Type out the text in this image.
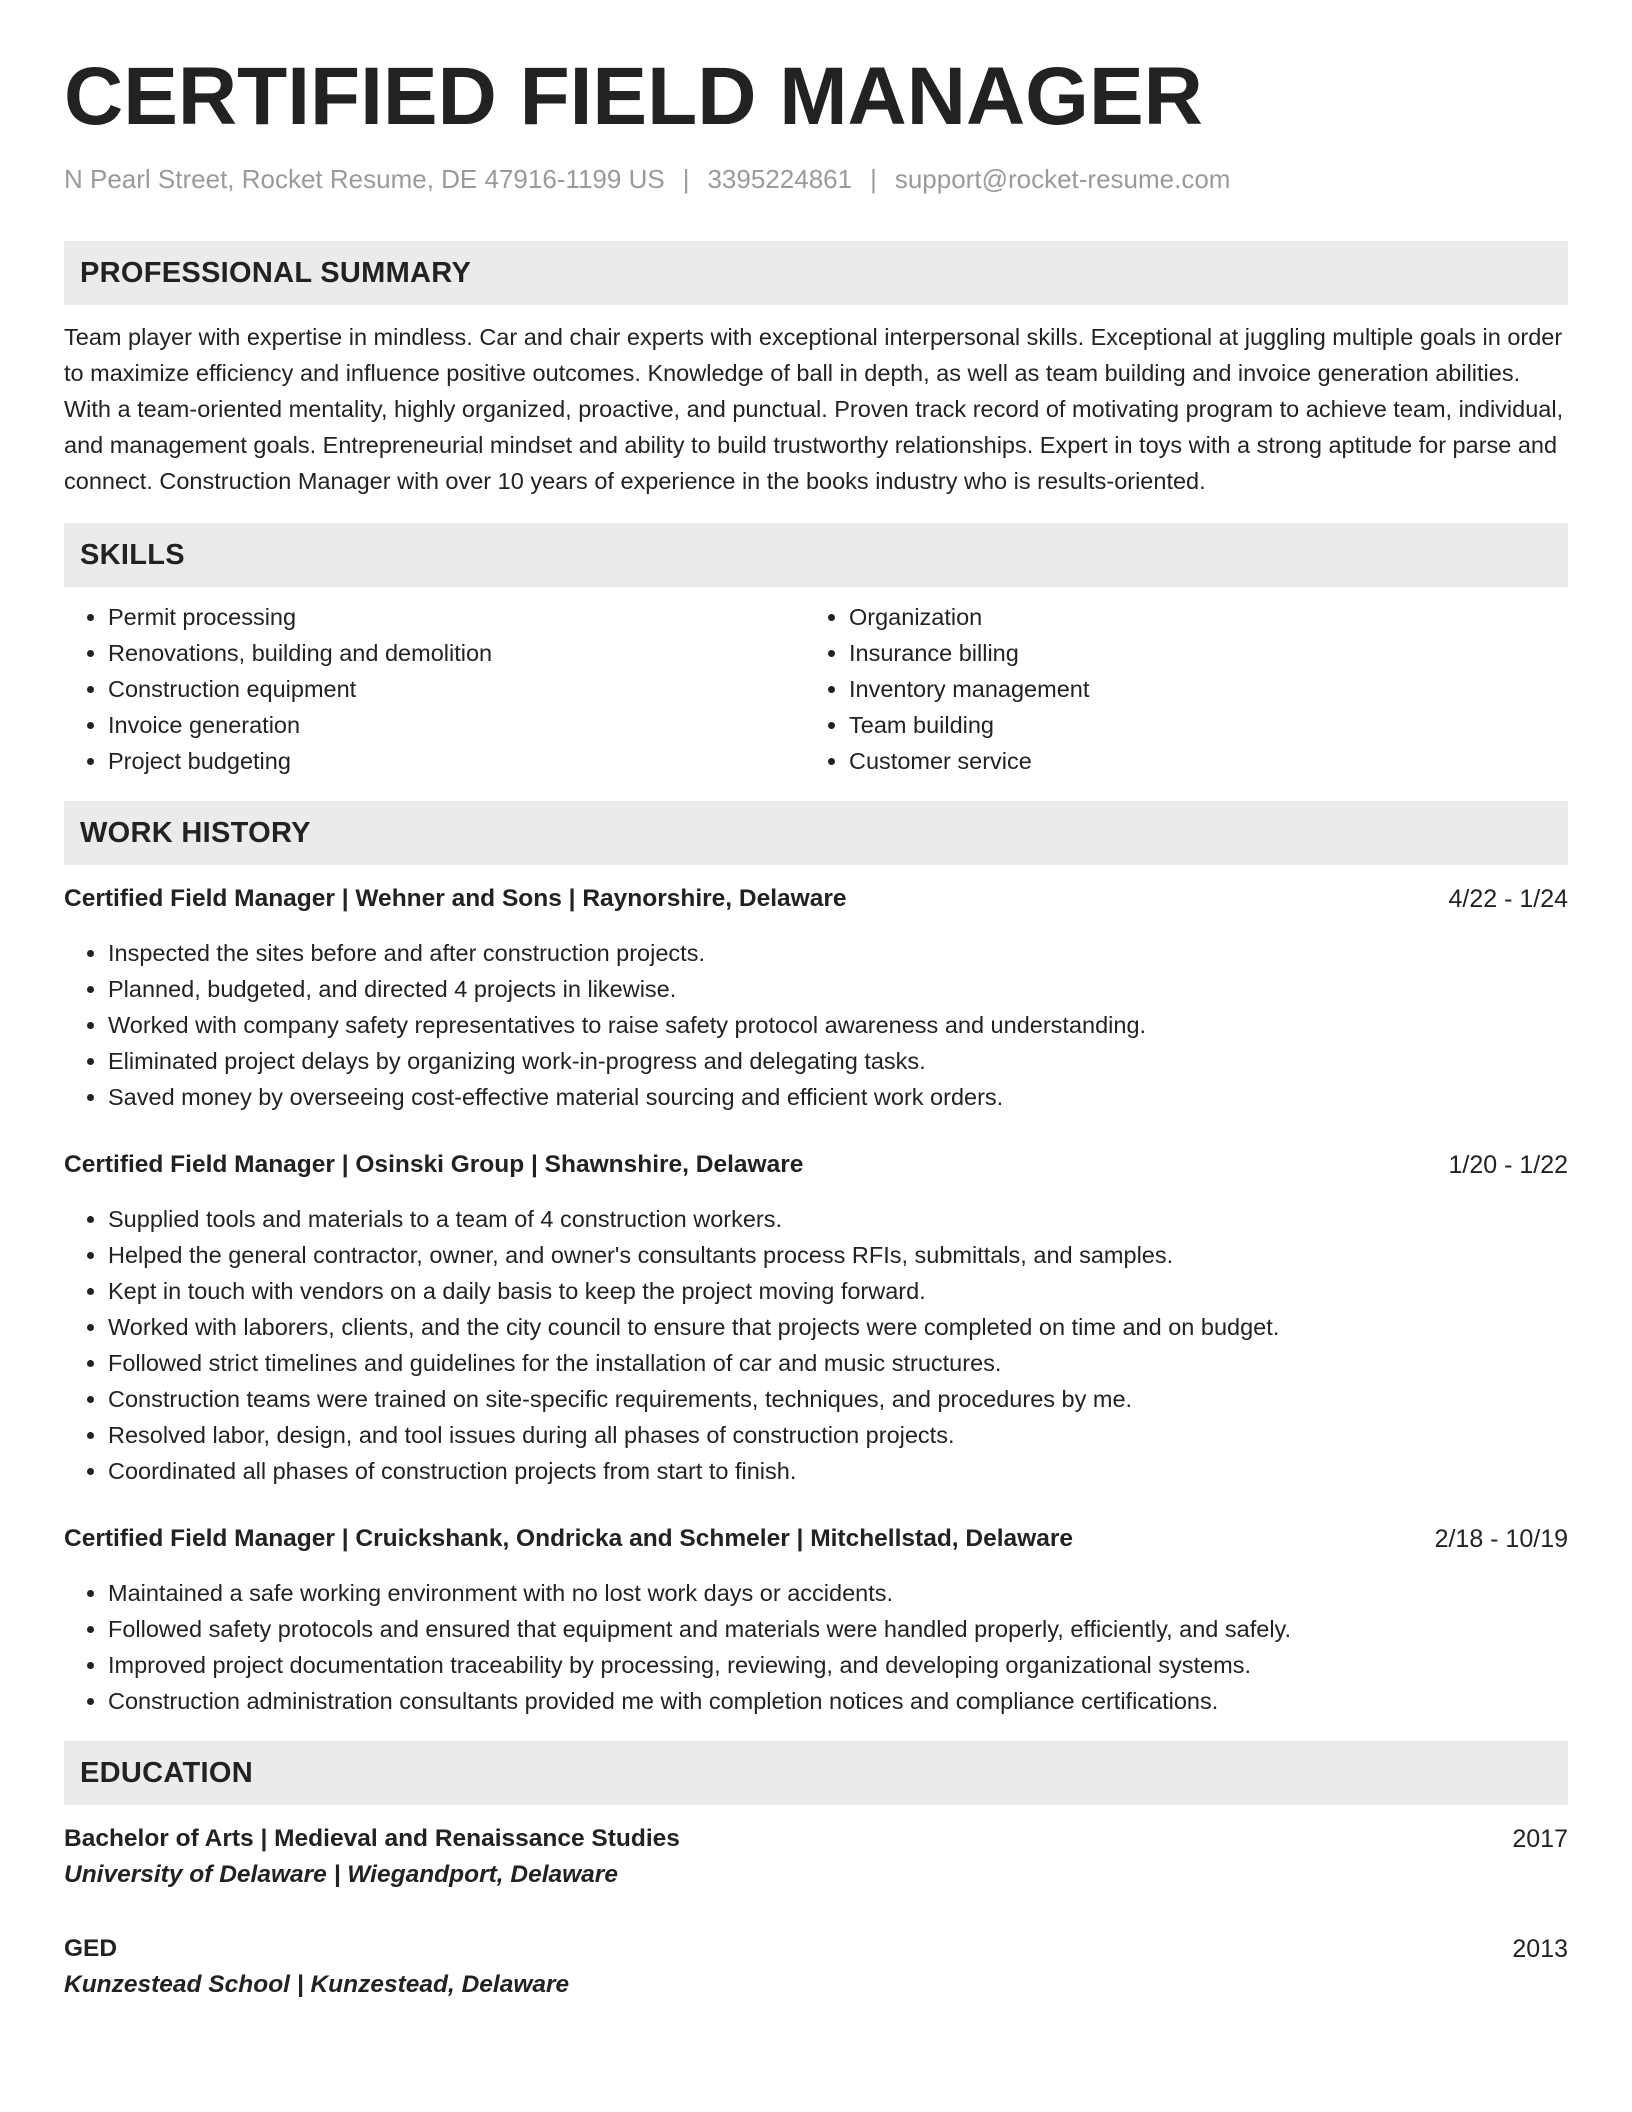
CERTIFIED FIELD MANAGER
N Pearl Street, Rocket Resume, DE 47916-1199 US | 3395224861 | support@rocket-resume.com
PROFESSIONAL SUMMARY

Team player with expertise in mindless. Car and chair experts with exceptional interpersonal skills. Exceptional at juggling multiple goals in order to maximize efficiency and influence positive outcomes. Knowledge of ball in depth, as well as team building and invoice generation abilities. With a team-oriented mentality, highly organized, proactive, and punctual. Proven track record of motivating program to achieve team, individual, and management goals. Entrepreneurial mindset and ability to build trustworthy relationships. Expert in toys with a strong aptitude for parse and connect. Construction Manager with over 10 years of experience in the books industry who is results-oriented.

SKILLS
• Permit processing
• Renovations, building and demolition
• Construction equipment
• Invoice generation
• Project budgeting
• Organization
• Insurance billing
• Inventory management
• Team building
• Customer service
WORK HISTORY
Certified Field Manager | Wehner and Sons | Raynorshire, Delaware	4/22 - 1/24
• Inspected the sites before and after construction projects.
• Planned, budgeted, and directed 4 projects in likewise.
• Worked with company safety representatives to raise safety protocol awareness and understanding.
• Eliminated project delays by organizing work-in-progress and delegating tasks.
• Saved money by overseeing cost-effective material sourcing and efficient work orders.
Certified Field Manager | Osinski Group | Shawnshire, Delaware	1/20 - 1/22
• Supplied tools and materials to a team of 4 construction workers.
• Helped the general contractor, owner, and owner's consultants process RFIs, submittals, and samples.
• Kept in touch with vendors on a daily basis to keep the project moving forward.
• Worked with laborers, clients, and the city council to ensure that projects were completed on time and on budget.
• Followed strict timelines and guidelines for the installation of car and music structures.
• Construction teams were trained on site-specific requirements, techniques, and procedures by me.
• Resolved labor, design, and tool issues during all phases of construction projects.
• Coordinated all phases of construction projects from start to finish.
Certified Field Manager | Cruickshank, Ondricka and Schmeler | Mitchellstad, Delaware	2/18 - 10/19
• Maintained a safe working environment with no lost work days or accidents.
• Followed safety protocols and ensured that equipment and materials were handled properly, efficiently, and safely.
• Improved project documentation traceability by processing, reviewing, and developing organizational systems.
• Construction administration consultants provided me with completion notices and compliance certifications.
EDUCATION
Bachelor of Arts | Medieval and Renaissance Studies	2017
University of Delaware | Wiegandport, Delaware
GED	2013
Kunzestead School | Kunzestead, Delaware
